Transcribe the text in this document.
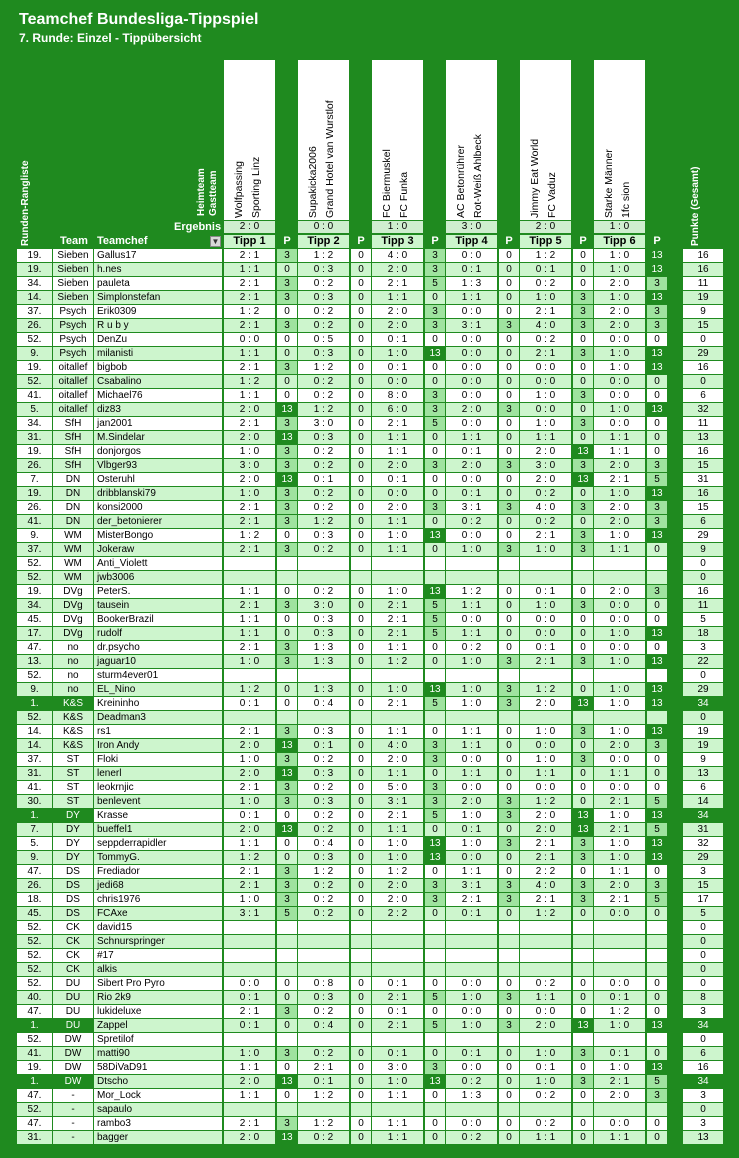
Teamchef Bundesliga-Tippspiel
7. Runde: Einzel - Tippübersicht
Wolfpassing Sporting Linz
2 : 0
Tipp 1	P
Supakicka2006 Grand Hotel van Wurstlof
0 : 0
Tipp 2	P
FC Biermuskel FC Funka
1 : 0
Tipp 3	P
AC Betonrührer Rot-Weiß Ahlbeck
3 : 0
Tipp 4	P
Jimmy Eat World FC Vaduz
2 : 0
Tipp 5	P
Starke Männer 1fc sion
1 : 0
Tipp 6	P
Runden-Rangliste	Heimteam Gastteam
Ergebnis
Team Teamchef	▼	Punkte (Gesamt)
19.	Sieben Gallus17	2 : 1	3	1 : 2	0	4 : 0	3	0 : 0	0	1 : 2	0	1 : 0	13	16
19.	Sieben h.nes	1 : 1	0	0 : 3	0	2 : 0	3	0 : 1	0	0 : 1	0	1 : 0	13	16
34.	Sieben pauleta	2 : 1	3	0 : 2	0	2 : 1	5	1 : 3	0	0 : 2	0	2 : 0	3	11
14.	Sieben Simplonstefan	2 : 1	3	0 : 3	0	1 : 1	0	1 : 1	0	1 : 0	3	1 : 0	13	19
37.	Psych	Erik0309	1 : 2	0	0 : 2	0	2 : 0	3	0 : 0	0	2 : 1	3	2 : 0	3	9
26.	Psych	R u b y	2 : 1	3	0 : 2	0	2 : 0	3	3 : 1	3	4 : 0	3	2 : 0	3	15
52.	Psych	DenZu	0 : 0	0	0 : 5	0	0 : 1	0	0 : 0	0	0 : 2	0	0 : 0	0	0
9.	Psych	milanisti	1 : 1	0	0 : 3	0	1 : 0	13	0 : 0	0	2 : 1	3	1 : 0	13	29
19.	oitallef bigbob	2 : 1	3	1 : 2	0	0 : 1	0	0 : 0	0	0 : 0	0	1 : 0	13	16
52.	oitallef Csabalino	1 : 2	0	0 : 2	0	0 : 0	0	0 : 0	0	0 : 0	0	0 : 0	0	0
41.	oitallef Michael76	1 : 1	0	0 : 2	0	8 : 0	3	0 : 0	0	1 : 0	3	0 : 0	0	6
5.	oitallef diz83	2 : 0	13	1 : 2	0	6 : 0	3	2 : 0	3	0 : 0	0	1 : 0	13	32
34.	SfH	jan2001	2 : 1	3	3 : 0	0	2 : 1	5	0 : 0	0	1 : 0	3	0 : 0	0	11
31.	SfH	M.Sindelar	2 : 0	13	0 : 3	0	1 : 1	0	1 : 1	0	1 : 1	0	1 : 1	0	13
19.	SfH	donjorgos	1 : 0	3	0 : 2	0	1 : 1	0	0 : 1	0	2 : 0	13	1 : 1	0	16
26.	SfH	Vlbger93	3 : 0	3	0 : 2	0	2 : 0	3	2 : 0	3	3 : 0	3	2 : 0	3	15
7.	DN	Osteruhl	2 : 0	13	0 : 1	0	0 : 1	0	0 : 0	0	2 : 0	13	2 : 1	5	31
19.	DN	dribblanski79	1 : 0	3	0 : 2	0	0 : 0	0	0 : 1	0	0 : 2	0	1 : 0	13	16
26.	DN	konsi2000	2 : 1	3	0 : 2	0	2 : 0	3	3 : 1	3	4 : 0	3	2 : 0	3	15
41.	DN	der_betonierer	2 : 1	3	1 : 2	0	1 : 1	0	0 : 2	0	0 : 2	0	2 : 0	3	6
9.	WM	MisterBongo	1 : 2	0	0 : 3	0	1 : 0	13	0 : 0	0	2 : 1	3	1 : 0	13	29
37.	WM	Jokeraw	2 : 1	3	0 : 2	0	1 : 1	0	1 : 0	3	1 : 0	3	1 : 1	0	9
52.	WM	Anti_Violett	0
52.	WM	jwb3006	0
19.	DVg	PeterS.	1 : 1	0	0 : 2	0	1 : 0	13	1 : 2	0	0 : 1	0	2 : 0	3	16
34.	DVg	tausein	2 : 1	3	3 : 0	0	2 : 1	5	1 : 1	0	1 : 0	3	0 : 0	0	11
45.	DVg	BookerBrazil	1 : 1	0	0 : 3	0	2 : 1	5	0 : 0	0	0 : 0	0	0 : 0	0	5
17.	DVg	rudolf	1 : 1	0	0 : 3	0	2 : 1	5	1 : 1	0	0 : 0	0	1 : 0	13	18
47.	no	dr.psycho	2 : 1	3	1 : 3	0	1 : 1	0	0 : 2	0	0 : 1	0	0 : 0	0	3
13.	no	jaguar10	1 : 0	3	1 : 3	0	1 : 2	0	1 : 0	3	2 : 1	3	1 : 0	13	22
52.	no	sturm4ever01	0
9.	no	EL_Nino	1 : 2	0	1 : 3	0	1 : 0	13	1 : 0	3	1 : 2	0	1 : 0	13	29
1.	K&S	Kreininho	0 : 1	0	0 : 4	0	2 : 1	5	1 : 0	3	2 : 0	13	1 : 0	13	34
52.	K&S	Deadman3	0
14.	K&S	rs1	2 : 1	3	0 : 3	0	1 : 1	0	1 : 1	0	1 : 0	3	1 : 0	13	19
14.	K&S	Iron Andy	2 : 0	13	0 : 1	0	4 : 0	3	1 : 1	0	0 : 0	0	2 : 0	3	19
37.	ST	Floki	1 : 0	3	0 : 2	0	2 : 0	3	0 : 0	0	1 : 0	3	0 : 0	0	9
31.	ST	lenerl	2 : 0	13	0 : 3	0	1 : 1	0	1 : 1	0	1 : 1	0	1 : 1	0	13
41.	ST	leokrnjic	2 : 1	3	0 : 2	0	5 : 0	3	0 : 0	0	0 : 0	0	0 : 0	0	6
30.	ST	benlevent	1 : 0	3	0 : 3	0	3 : 1	3	2 : 0	3	1 : 2	0	2 : 1	5	14
1.	DY	Krasse	0 : 1	0	0 : 2	0	2 : 1	5	1 : 0	3	2 : 0	13	1 : 0	13	34
7.	DY	bueffel1	2 : 0	13	0 : 2	0	1 : 1	0	0 : 1	0	2 : 0	13	2 : 1	5	31
5.	DY	seppderrapidler	1 : 1	0	0 : 4	0	1 : 0	13	1 : 0	3	2 : 1	3	1 : 0	13	32
9.	DY	TommyG.	1 : 2	0	0 : 3	0	1 : 0	13	0 : 0	0	2 : 1	3	1 : 0	13	29
47.	DS	Frediador	2 : 1	3	1 : 2	0	1 : 2	0	1 : 1	0	2 : 2	0	1 : 1	0	3
26.	DS	jedi68	2 : 1	3	0 : 2	0	2 : 0	3	3 : 1	3	4 : 0	3	2 : 0	3	15
18.	DS	chris1976	1 : 0	3	0 : 2	0	2 : 0	3	2 : 1	3	2 : 1	3	2 : 1	5	17
45.	DS	FCAxe	3 : 1	5	0 : 2	0	2 : 2	0	0 : 1	0	1 : 2	0	0 : 0	0	5
52.	CK	david15	0
52.	CK	Schnurspringer	0
52.	CK	#17	0
52.	CK	alkis	0
52.	DU	Sibert Pro Pyro	0 : 0	0	0 : 8	0	0 : 1	0	0 : 0	0	0 : 2	0	0 : 0	0	0
40.	DU	Rio 2k9	0 : 1	0	0 : 3	0	2 : 1	5	1 : 0	3	1 : 1	0	0 : 1	0	8
47.	DU	lukideluxe	2 : 1	3	0 : 2	0	0 : 1	0	0 : 0	0	0 : 0	0	1 : 2	0	3
1.	DU	Zappel	0 : 1	0	0 : 4	0	2 : 1	5	1 : 0	3	2 : 0	13	1 : 0	13	34
52.	DW	Spretilof	0
41.	DW	matti90	1 : 0	3	0 : 2	0	0 : 1	0	0 : 1	0	1 : 0	3	0 : 1	0	6
19.	DW	58DiVaD91	1 : 1	0	2 : 1	0	3 : 0	3	0 : 0	0	0 : 1	0	1 : 0	13	16
1.	DW	Dtscho	2 : 0	13	0 : 1	0	1 : 0	13	0 : 2	0	1 : 0	3	2 : 1	5	34
47.	-	Mor_Lock	1 : 1	0	1 : 2	0	1 : 1	0	1 : 3	0	0 : 2	0	2 : 0	3	3
52.	-	sapaulo	0
47.	-	rambo3	2 : 1	3	1 : 2	0	1 : 1	0	0 : 0	0	0 : 2	0	0 : 0	0	3
31.	-	bagger	2 : 0	13	0 : 2	0	1 : 1	0	0 : 2	0	1 : 1	0	1 : 1	0	13
